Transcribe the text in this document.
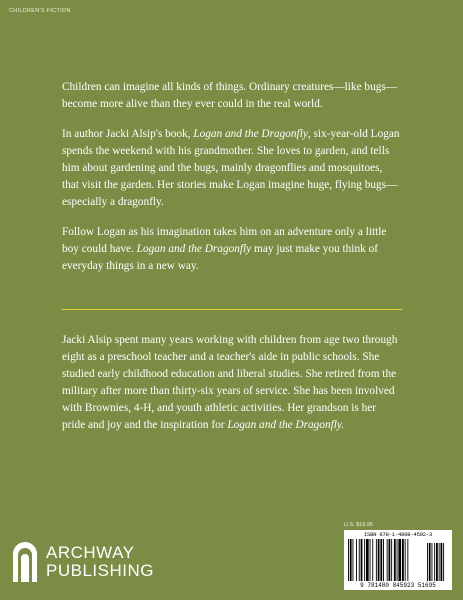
CHILDREN'S FICTION

Children can imagine all kinds of things. Ordinary creatures—like bugs—become more alive than they ever could in the real world.

In author Jacki Alsip's book, Logan and the Dragonfly, six-year-old Logan spends the weekend with his grandmother. She loves to garden, and tells him about gardening and the bugs, mainly dragonflies and mosquitoes, that visit the garden. Her stories make Logan imagine huge, flying bugs—especially a dragonfly.

Follow Logan as his imagination takes him on an adventure only a little boy could have. Logan and the Dragonfly may just make you think of everyday things in a new way.

Jacki Alsip spent many years working with children from age two through eight as a preschool teacher and a teacher's aide in public schools. She studied early childhood education and liberal studies. She retired from the military after more than thirty-six years of service. She has been involved with Brownies, 4-H, and youth athletic activities. Her grandson is her pride and joy and the inspiration for Logan and the Dragonfly.

ARCHWAY
PUBLISHING
U.S. $16.95
ISBN 978-1-4808-4592-3
9 781480 845923 51695
